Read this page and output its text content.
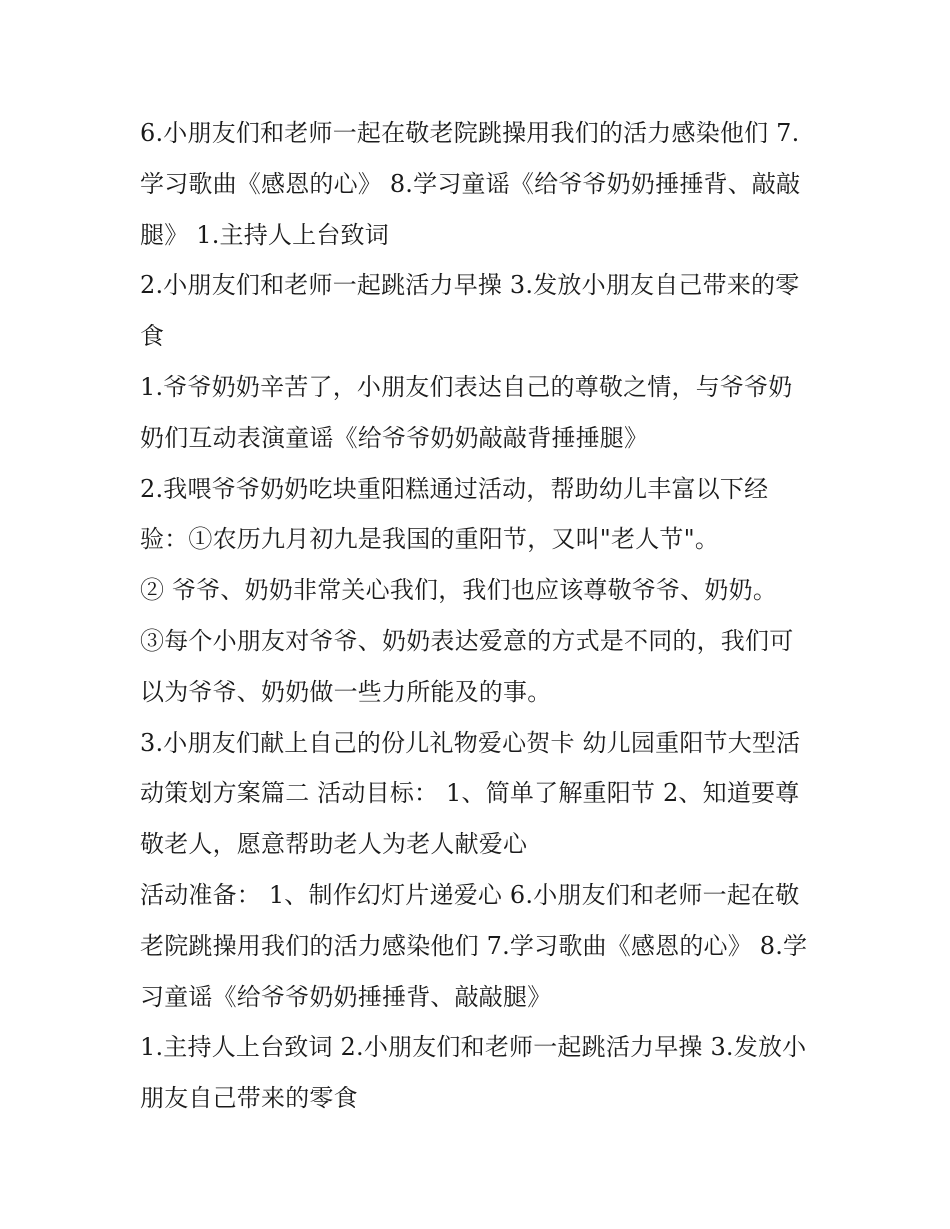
6.小朋友们和老师一起在敬老院跳操用我们的活力感染他们 7.学习歌曲《感恩的心》 8.学习童谣《给爷爷奶奶捶捶背、敲敲腿》 1.主持人上台致词

2.小朋友们和老师一起跳活力早操 3.发放小朋友自己带来的零食

1.爷爷奶奶辛苦了，小朋友们表达自己的尊敬之情，与爷爷奶奶们互动表演童谣《给爷爷奶奶敲敲背捶捶腿》

2.我喂爷爷奶奶吃块重阳糕通过活动，帮助幼儿丰富以下经验：①农历九月初九是我国的重阳节，又叫"老人节"。

② 爷爷、奶奶非常关心我们，我们也应该尊敬爷爷、奶奶。

③每个小朋友对爷爷、奶奶表达爱意的方式是不同的，我们可以为爷爷、奶奶做一些力所能及的事。

3.小朋友们献上自己的份儿礼物爱心贺卡 幼儿园重阳节大型活动策划方案篇二 活动目标： 1、简单了解重阳节 2、知道要尊敬老人，愿意帮助老人为老人献爱心

活动准备： 1、制作幻灯片递爱心 6.小朋友们和老师一起在敬老院跳操用我们的活力感染他们 7.学习歌曲《感恩的心》 8.学习童谣《给爷爷奶奶捶捶背、敲敲腿》

1.主持人上台致词 2.小朋友们和老师一起跳活力早操 3.发放小朋友自己带来的零食
